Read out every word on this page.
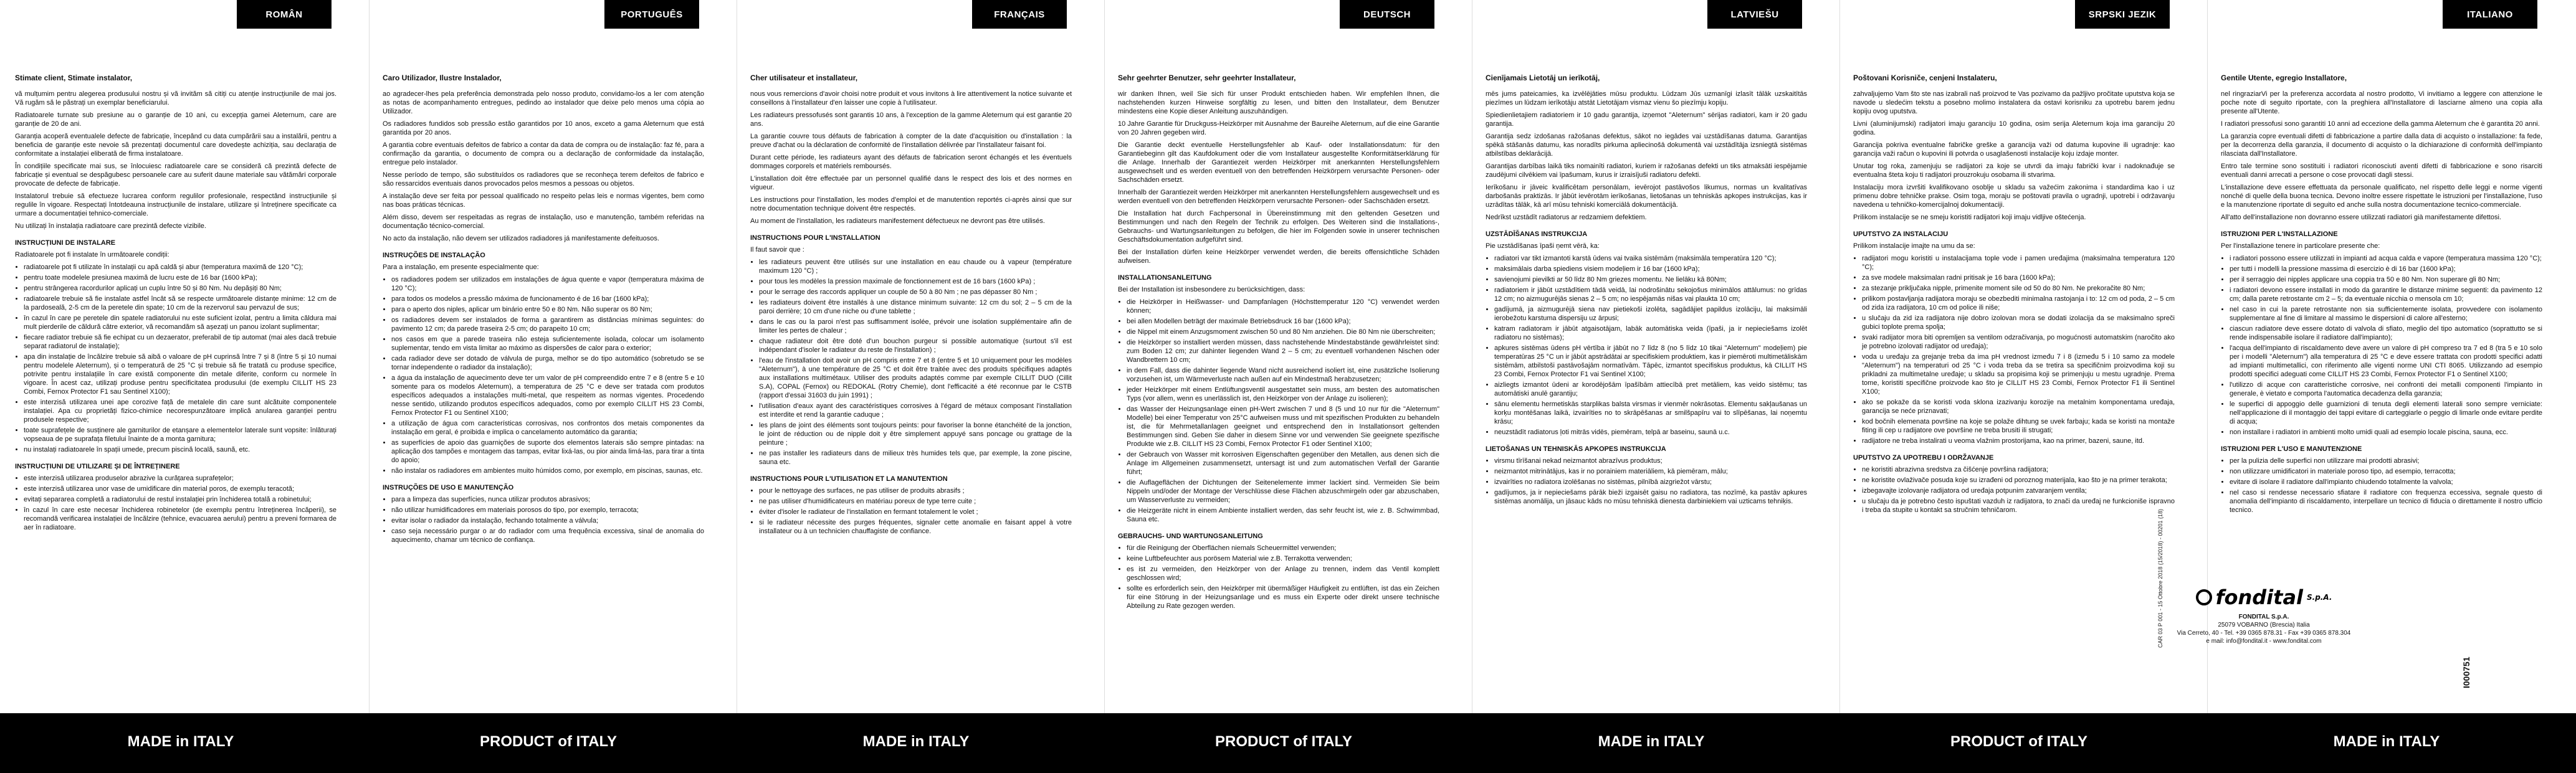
ROMÂN
Stimate client, Stimate instalator,

vă mulțumim pentru alegerea produsului nostru și vă invităm să citiți cu atenție instrucțiunile de mai jos. Vă rugăm să le păstrați un exemplar beneficiarului.

Radiatoarele turnate sub presiune au o garanție de 10 ani, cu excepția gamei Aleternum, care are garanție de 20 de ani.

Garanția acoperă eventualele defecte de fabricație, începând cu data cumpărării sau a instalării, pentru a beneficia de garanție este nevoie să prezentați documentul care dovedește achiziția, sau declarația de conformitate a instalației eliberată de firma instalatoare.

În condițiile specificate mai sus, se înlocuiesc radiatoarele care se consideră că prezintă defecte de fabricație și eventual se despăgubesc persoanele care au suferit daune materiale sau vătămări corporale provocate de defecte de fabricație.

Instalatorul trebuie să efectueze lucrarea conform regulilor profesionale, respectând instrucțiunile și regulile în vigoare. Respectați întotdeauna instrucțiunile de instalare, utilizare și întreținere specificate ca urmare a documentației tehnico-comerciale.

Nu utilizați în instalația radiatoare care prezintă defecte vizibile.

INSTRUCȚIUNI DE INSTALARE

Radiatoarele pot fi instalate în următoarele condiții:

• radiatoarele pot fi utilizate în instalații cu apă caldă și abur (temperatura maximă de 120 °C);
• pentru toate modelele presiunea maximă de lucru este de 16 bar (1600 kPa);
• pentru strângerea racordurilor aplicați un cuplu între 50 și 80 Nm. Nu depășiți 80 Nm;
• radiatoarele trebuie să fie instalate astfel încât să se respecte următoarele distanțe minime: 12 cm de la pardoseală, 2-5 cm de la peretele din spate; 10 cm de la rezervorul sau pervazul de sus;
• în cazul în care pe peretele din spatele radiatorului nu este suficient izolat, pentru a limita căldura mai mult pierderile de căldură către exterior, vă recomandăm să așezați un panou izolant suplimentar;
• fiecare radiator trebuie să fie echipat cu un dezaerator, preferabil de tip automat (mai ales dacă trebuie separat radiatorul de instalație);
• apa din instalație de încălzire trebuie să aibă o valoare de pH cuprinsă între 7 și 8 (între 5 și 10 numai pentru modelele Aleternum), și o temperatură de 25 °C și trebuie să fie tratată cu produse specifice, potrivite pentru instalațiile în care există componente din metale diferite, conform cu normele în vigoare. În acest caz, utilizați produse pentru specificitatea produsului (de exemplu CILLIT HS 23 Combi, Fernox Protector F1 sau Sentinel X100);
• este interzisă utilizarea unei ape corozive față de metalele din care sunt alcătuite componentele instalației. Apa cu proprietăți fizico-chimice necorespunzătoare implică anularea garanției pentru produsele respective;
• toate suprafețele de susținere ale garniturilor de etanșare a elementelor laterale sunt vopsite: înlăturați vopseaua de pe suprafața filetului înainte de a monta garnitura;
• nu instalați radiatoarele în spații umede, precum piscină locală, saună, etc.
INSTRUCȚIUNI DE UTILIZARE ȘI DE ÎNTREȚINERE
• este interzisă utilizarea produselor abrazive la curățarea suprafețelor;
• este interzisă utilizarea unor vase de umidificare din material poros, de exemplu teracotă;
• evitați separarea completă a radiatorului de restul instalației prin închiderea totală a robinetului;
• în cazul în care este necesar închiderea robinetelor (de exemplu pentru întreținerea încăperii), se recomandă verificarea instalației de încălzire (tehnice, evacuarea aerului) pentru a preveni formarea de aer în radiatoare.
PORTUGUÊS
Caro Utilizador, Ilustre Instalador,

ao agradecer-lhes pela preferência demonstrada pelo nosso produto, convidamo-los a ler com atenção as notas de acompanhamento entregues, pedindo ao instalador que deixe pelo menos uma cópia ao Utilizador.

Os radiadores fundidos sob pressão estão garantidos por 10 anos, exceto a gama Aleternum que está garantida por 20 anos.

A garantia cobre eventuais defeitos de fabrico a contar da data de compra ou de instalação: faz fé, para a confirmação da garantia, o documento de compra ou a declaração de conformidade da instalação, entregue pelo instalador.

Nesse período de tempo, são substituídos os radiadores que se reconheça terem defeitos de fabrico e são ressarcidos eventuais danos provocados pelos mesmos a pessoas ou objetos.

A instalação deve ser feita por pessoal qualificado no respeito pelas leis e normas vigentes, bem como nas boas práticas técnicas.

Além disso, devem ser respeitadas as regras de instalação, uso e manutenção, também referidas na documentação técnico-comercial.

No acto da instalação, não devem ser utilizados radiadores já manifestamente defeituosos.

INSTRUÇÕES DE INSTALAÇÃO

Para a instalação, em presente especialmente que:

• os radiadores podem ser utilizados em instalações de água quente e vapor (temperatura máxima de 120 °C);
• para todos os modelos a pressão máxima de funcionamento é de 16 bar (1600 kPa);
• para o aperto dos niples, aplicar um binário entre 50 e 80 Nm. Não superar os 80 Nm;
• os radiadores devem ser instalados de forma a garantirem as distâncias mínimas seguintes: do pavimento 12 cm; da parede traseira 2-5 cm; do parapeito 10 cm;
• nos casos em que a parede traseira não esteja suficientemente isolada, colocar um isolamento suplementar, tendo em vista limitar ao máximo as dispersões de calor para o exterior;
• cada radiador deve ser dotado de válvula de purga, melhor se do tipo automático (sobretudo se se tornar independente o radiador da instalação);
• a água da instalação de aquecimento deve ter um valor de pH compreendido entre 7 e 8 (entre 5 e 10 somente para os modelos Aleternum), a temperatura de 25 °C e deve ser tratada com produtos específicos adequados a instalações multi-metal, que respeitem as normas vigentes. Procedendo nesse sentido, utilizando produtos específicos adequados, como por exemplo CILLIT HS 23 Combi, Fernox Protector F1 ou Sentinel X100;
• a utilização de água com características corrosivas, nos confrontos dos metais componentes da instalação em geral, é proibida e implica o cancelamento automático da garantia;
• as superfícies de apoio das guarnições de suporte dos elementos laterais são sempre pintadas: na aplicação dos tampões e montagem das tampas, evitar lixá-las, ou pior ainda limá-las, para tirar a tinta do apoio;
• não instalar os radiadores em ambientes muito húmidos como, por exemplo, em piscinas, saunas, etc.
INSTRUÇÕES DE USO E MANUTENÇÃO
• para a limpeza das superfícies, nunca utilizar produtos abrasivos;
• não utilizar humidificadores em materiais porosos do tipo, por exemplo, terracota;
• evitar isolar o radiador da instalação, fechando totalmente a válvula;
• caso seja necessário purgar o ar do radiador com uma frequência excessiva, sinal de anomalia do aquecimento, chamar um técnico de confiança.
FRANÇAIS
Cher utilisateur et installateur,

nous vous remercions d'avoir choisi notre produit et vous invitons à lire attentivement la notice suivante et conseillons à l'installateur d'en laisser une copie à l'utilisateur.

Les radiateurs pressofusés sont garantis 10 ans, à l'exception de la gamme Aleternum qui est garantie 20 ans.

La garantie couvre tous défauts de fabrication à compter de la date d'acquisition ou d'installation : la preuve d'achat ou la déclaration de conformité de l'installation délivrée par l'installateur faisant foi.

Durant cette période, les radiateurs ayant des défauts de fabrication seront échangés et les éventuels dommages corporels et matériels remboursés.

L'installation doit être effectuée par un personnel qualifié dans le respect des lois et des normes en vigueur.

Les instructions pour l'installation, les modes d'emploi et de manutention reportés ci-après ainsi que sur notre documentation technique doivent être respectés.

Au moment de l'installation, les radiateurs manifestement défectueux ne devront pas être utilisés.

INSTRUCTIONS POUR L'INSTALLATION

Il faut savoir que :

• les radiateurs peuvent être utilisés sur une installation en eau chaude ou à vapeur (température maximum 120 °C) ;
• pour tous les modèles la pression maximale de fonctionnement est de 16 bars (1600 kPa) ;
• pour le serrage des raccords appliquer un couple de 50 à 80 Nm ; ne pas dépasser 80 Nm ;
• les radiateurs doivent être installés à une distance minimum suivante: 12 cm du sol; 2 – 5 cm de la paroi derrière; 10 cm d'une niche ou d'une tablette ;
• dans le cas ou la paroi n'est pas suffisamment isolée, prévoir une isolation supplémentaire afin de limiter les pertes de chaleur ;
• chaque radiateur doit être doté d'un bouchon purgeur si possible automatique (surtout s'il est indépendant d'isoler le radiateur du reste de l'installation) ;
• l'eau de l'installation doit avoir un pH compris entre 7 et 8 (entre 5 et 10 uniquement pour les modèles "Aleternum"), à une température de 25 °C et doit être traitée avec des produits spécifiques adaptés aux installations multimétaux. Utiliser des produits adaptés comme par exemple CILLIT DUO (Cillit S.A), COPAL (Fernox) ou REDOKAL (Rotry Chemie), dont l'efficacité a été reconnue par le CSTB (rapport d'essai 31603 du juin 1991) ;
• l'utilisation d'eaux ayant des caractéristiques corrosives à l'égard de métaux composant l'installation est interdite et rend la garantie caduque ;
• les plans de joint des éléments sont toujours peints: pour favoriser la bonne étanchéité de la jonction, le joint de réduction ou de nipple doit y être simplement appuyé sans poncage ou grattage de la peinture ;
• ne pas installer les radiateurs dans de milieux très humides tels que, par exemple, la zone piscine, sauna etc.
INSTRUCTIONS POUR L'UTILISATION ET LA MANUTENTION
• pour le nettoyage des surfaces, ne pas utiliser de produits abrasifs ;
• ne pas utiliser d'humidificateurs en matériau poreux de type terre cuite ;
• éviter d'isoler le radiateur de l'installation en fermant totalement le volet ;
• si le radiateur nécessite des purges fréquentes, signaler cette anomalie en faisant appel à votre installateur ou à un technicien chauffagiste de confiance.
DEUTSCH
Sehr geehrter Benutzer, sehr geehrter Installateur,

wir danken Ihnen, weil Sie sich für unser Produkt entschieden haben. Wir empfehlen Ihnen, die nachstehenden kurzen Hinweise sorgfältig zu lesen, und bitten den Installateur, dem Benutzer mindestens eine Kopie dieser Anleitung auszuhändigen.

10 Jahre Garantie für Druckguss-Heizkörper mit Ausnahme der Baureihe Aleternum, auf die eine Garantie von 20 Jahren gegeben wird.

Die Garantie deckt eventuelle Herstellungsfehler ab Kauf- oder Installationsdatum: für den Garantiebeginn gilt das Kaufdokument oder die vom Installateur ausgestellte Konformitätserklärung für die Anlage. Innerhalb der Garantiezeit werden Heizkörper mit anerkannten Herstellungsfehlern ausgewechselt und es werden eventuell von den betreffenden Heizkörpern verursachte Personen- oder Sachschäden ersetzt.

Innerhalb der Garantiezeit werden Heizkörper mit anerkannten Herstellungsfehlern ausgewechselt und es werden eventuell von den betreffenden Heizkörpern verursachte Personen- oder Sachschäden ersetzt.

Die Installation hat durch Fachpersonal in Übereinstimmung mit den geltenden Gesetzen und Bestimmungen und nach den Regeln der Technik zu erfolgen. Des Weiteren sind die Installations-, Gebrauchs- und Wartungsanleitungen zu befolgen, die hier im Folgenden sowie in unserer technischen Geschäftsdokumentation aufgeführt sind.

Bei der Installation dürfen keine Heizkörper verwendet werden, die bereits offensichtliche Schäden aufweisen.

INSTALLATIONSANLEITUNG

Bei der Installation ist insbesondere zu berücksichtigen, dass:

• die Heizkörper in Heißwasser- und Dampfanlagen (Höchsttemperatur 120 °C) verwendet werden können;
• bei allen Modellen beträgt der maximale Betriebsdruck 16 bar (1600 kPa);
• die Nippel mit einem Anzugsmoment zwischen 50 und 80 Nm anziehen. Die 80 Nm nie überschreiten;
• die Heizkörper so installiert werden müssen, dass nachstehende Mindestabstände gewährleistet sind: zum Boden 12 cm; zur dahinter liegenden Wand 2 – 5 cm; zu eventuell vorhandenen Nischen oder Wandbrettern 10 cm;
• in dem Fall, dass die dahinter liegende Wand nicht ausreichend isoliert ist, eine zusätzliche Isolierung vorzusehen ist, um Wärmeverluste nach außen auf ein Mindestmaß herabzusetzen;
• jeder Heizkörper mit einem Entlüftungsventil ausgestattet sein muss, am besten des automatischen Typs (vor allem, wenn es unerlässlich ist, den Heizkörper von der Anlage zu isolieren);
• das Wasser der Heizungsanlage einen pH-Wert zwischen 7 und 8 (5 und 10 nur für die "Aleternum" Modelle) bei einer Temperatur von 25°C aufweisen muss und mit spezifischen Produkten zu behandeln ist, die für Mehrmetallanlagen geeignet und entsprechend den in Installationsort geltenden Bestimmungen sind. Geben Sie daher in diesem Sinne vor und verwenden Sie geeignete spezifische Produkte wie z.B. CILLIT HS 23 Combi, Fernox Protector F1 oder Sentinel X100;
• der Gebrauch von Wasser mit korrosiven Eigenschaften gegenüber den Metallen, aus denen sich die Anlage im Allgemeinen zusammensetzt, untersagt ist und zum automatischen Verfall der Garantie führt;
• die Auflageflächen der Dichtungen der Seitenelemente immer lackiert sind. Vermeiden Sie beim Nippeln und/oder der Montage der Verschlüsse diese Flächen abzuschmirgeln oder gar abzuschaben, um Wasserverluste zu vermeiden;
• die Heizgeräte nicht in einem Ambiente installiert werden, das sehr feucht ist, wie z. B. Schwimmbad, Sauna etc.
GEBRAUCHS- UND WARTUNGSANLEITUNG
• für die Reinigung der Oberflächen niemals Scheuermittel verwenden;
• keine Luftbefeuchter aus porösem Material wie z.B. Terrakotta verwenden;
• es ist zu vermeiden, den Heizkörper von der Anlage zu trennen, indem das Ventil komplett geschlossen wird;
• sollte es erforderlich sein, den Heizkörper mit übermäßiger Häufigkeit zu entlüften, ist das ein Zeichen für eine Störung in der Heizungsanlage und es muss ein Experte oder direkt unsere technische Abteilung zu Rate gezogen werden.
LATVIEŠU
Cienījamais Lietotāj un ierīkotāj,

mēs jums pateicamies, ka izvēlējāties mūsu produktu. Lūdzam Jūs uzmanīgi izlasīt tālāk uzskaitītās piezīmes un lūdzam ierīkotāju atstāt Lietotājam vismaz vienu šo piezīmju kopiju.

Spiedienlietajiem radiatoriem ir 10 gadu garantija, izņemot "Aleternum" sērijas radiatori, kam ir 20 gadu garantija.

Garantija sedz izdošanas ražošanas defektus, sākot no iegādes vai uzstādīšanas datuma. Garantijas spēkā stāšanās datumu, kas noradīts pirkuma apliecinošā dokumentā vai uzstādītāja izsniegtā sistēmas atbilstības deklarācijā.

Garantijas darbības laikā tiks nomainīti radiatori, kuriem ir ražošanas defekti un tiks atmaksāti iespējamie zaudējumi cilvēkiem vai īpašumam, kurus ir izraisījuši radiatoru defekti.

Ierīkošanu ir jāveic kvalificētam personālam, ievērojot pastāvošos likumus, normas un kvalitatīvas darbošanās praktizās. Ir jābūt ievērotām ierīkošanas, lietošanas un tehniskās apkopes instrukcijas, kas ir uzrādītas tālāk, kā arī mūsu tehniski komerciālā dokumentācijā.

Nedrīkst uzstādīt radiatorus ar redzamiem defektiem.

UZSTĀDĪŠANAS INSTRUKCIJA

Pie uzstādīšanas īpaši ņemt vērā, ka:

• radiatori var tikt izmantoti karstā ūdens vai tvaika sistēmām (maksimāla temperatūra 120 °C);
• maksimālais darba spiediens visiem modeļiem ir 16 bar (1600 kPa);
• savienojumi pievilkti ar 50 līdz 80 Nm griezes momentu. Ne lielāku kā 80Nm;
• radiatoriem ir jābūt uzstādītiem tādā veidā, lai nodrošinātu sekojošus minimālos attālumus: no grīdas 12 cm; no aizmugurējās sienas 2 – 5 cm; no iespējamās nišas vai plaukta 10 cm;
• gadījumā, ja aizmugurējā siena nav pietiekoši izolēta, sagādājiet papildus izolāciju, lai maksimāli ierobežotu karstuma dispersiju uz ārpusi;
• katram radiatoram ir jābūt atgaisotājam, labāk automātiska veida (īpaši, ja ir nepieciešams izolēt radiatoru no sistēmas);
• apkures sistēmas ūdens pH vērtība ir jābūt no 7 līdz 8 (no 5 līdz 10 tikai "Aleternum" modeļiem) pie temperatūras 25 °C un ir jābūt apstrādātai ar specifiskiem produktiem, kas ir piemēroti multimetāliskām sistēmām, atbilstoši pastāvošajām normatīvām. Tāpēc, izmantot specifiskus produktus, kā CILLIT HS 23 Combi, Fernox Protector F1 vai Sentinel X100;
• aizliegts izmantot ūdeni ar korodējošām īpašībām attiecībā pret metāliem, kas veido sistēmu; tas automātiski anulē garantiju;
• sānu elementu hermetiskās starplikas balsta virsmas ir vienmēr nokrāsotas. Elementu sakļaušanas un korķu montēšanas laikā, izvairīties no to skrāpēšanas ar smilšpapīru vai to slīpēšanas, lai noņemtu krāsu;
• neuzstādīt radiatorus ļoti mitrās vidēs, piemēram, telpā ar baseinu, saunā u.c.
LIETOŠANAS UN TEHNISKĀS APKOPES INSTRUKCIJA
• virsmu tīrīšanai nekad neizmantot abrazīvus produktus;
• neizmantot mitrinātājus, kas ir no porainiem materiāliem, kā piemēram, mālu;
• izvairīties no radiatora izolēšanas no sistēmas, pilnībā aizgriežot vārstu;
• gadījumos, ja ir nepieciešams pārāk bieži izgaisēt gaisu no radiatora, tas nozīmē, ka pastāv apkures sistēmas anomālija, un jāsauc kāds no mūsu tehniskā dienesta darbiniekiem vai uzticams tehniķis.
SRPSKI JEZIK
Poštovani Korisniče, cenjeni Instalateru,

zahvaljujemo Vam što ste nas izabrali naš proizvod te Vas pozivamo da pažljivo pročitate uputstva koja se navode u sledećim tekstu a posebno molimo instalatera da ostavi korisniku za upotrebu barem jednu kopiju ovog uputstva.

Livni (aluminijumski) radijatori imaju garanciju 10 godina, osim serija Aleternum koja ima garanciju 20 godina.

Garancija pokriva eventualne fabričke greške a garancija važi od datuma kupovine ili ugradnje: kao garancija važi račun o kupovini ili potvrda o usaglašenosti instalacije koju izdaje monter.

Unutar tog roka, zamenjuju se radijatori za koje se utvrdi da imaju fabrički kvar i nadoknađuje se eventualna šteta koju ti radijatori prouzrokuju osobama ili stvarima.

Instalaciju mora izvršiti kvalifikovano osoblje u skladu sa važećim zakonima i standardima kao i uz primenu dobre tehničke prakse. Osim toga, moraju se poštovati pravila o ugradnji, upotrebi i održavanju navedena u tehničko-komercijalnoj dokumentaciji.

Prilikom instalacije se ne smeju koristiti radijatori koji imaju vidljive oštećenja.

UPUTSTVO ZA INSTALACIJU

Prilikom instalacije imajte na umu da se:

• radijatori mogu koristiti u instalacijama tople vode i pamen uređajima (maksimalna temperatura 120 °C);
• za sve modele maksimalan radni pritisak je 16 bara (1600 kPa);
• za stezanje priključaka nipple, primenite moment sile od 50 do 80 Nm. Ne prekoračite 80 Nm;
• prilikom postavljanja radijatora moraju se obezbediti minimalna rastojanja i to: 12 cm od poda, 2 – 5 cm od zida iza radijatora, 10 cm od police ili niše;
• u slučaju da zid iza radijatora nije dobro izolovan mora se dodati izolacija da se maksimalno spreči gubici toplote prema spolja;
• svaki radijator mora biti opremljen sa ventilom odzračivanja, po mogućnosti automatskim (naročito ako je potrebno izolovati radijator od uređaja);
• voda u uređaju za grejanje treba da ima pH vrednost između 7 i 8 (između 5 i 10 samo za modele "Aleternum") na temperaturi od 25 °C i voda treba da se tretira sa specifičnim proizvodima koji su prikladni za multimetalne uređaje; u skladu sa propisima koji se primenjuju u mestu ugradnje. Prema tome, koristiti specifične proizvode kao što je CILLIT HS 23 Combi, Fernox Protector F1 ili Sentinel X100;
• ako se pokaže da se koristi voda sklona izazivanju korozije na metalnim komponentama uređaja, garancija se neće priznavati;
• kod bočnih elemenata površine na koje se polaže dihtung se uvek farbaju; kada se koristi na montaže fiting ili cep u radijatore ove površine ne treba brusiti ili strugati;
• radijatore ne treba instalirati u veoma vlažnim prostorijama, kao na primer, bazeni, saune, itd.
UPUTSTVO ZA UPOTREBU I ODRŽAVANJE
• ne koristiti abrazivna sredstva za čišćenje površina radijatora;
• ne koristite ovlaživače posuda koje su izrađeni od poroznog materijala, kao što je na primer terakota;
• izbegavajte izolovanje radijatora od uređaja potpunim zatvaranjem ventila;
• u slučaju da je potrebno često ispuštati vazduh iz radijatora, to znači da uređaj ne funkcioniše ispravno i treba da stupite u kontakt sa stručnim tehničarom.
ITALIANO
Gentile Utente, egregio Installatore,

nel ringraziarVi per la preferenza accordata al nostro prodotto, Vi invitiamo a leggere con attenzione le poche note di seguito riportate, con la preghiera all'Installatore di lasciarne almeno una copia alla presente all'Utente.

I radiatori pressofusi sono garantiti 10 anni ad eccezione della gamma Aleternum che è garantita 20 anni.

La garanzia copre eventuali difetti di fabbricazione a partire dalla data di acquisto o installazione: fa fede, per la decorrenza della garanzia, il documento di acquisto o la dichiarazione di conformità dell'impianto rilasciata dall'Installatore.

Entro tale termine sono sostituiti i radiatori riconosciuti aventi difetti di fabbricazione e sono risarciti eventuali danni arrecati a persone o cose provocati dagli stessi.

L'installazione deve essere effettuata da personale qualificato, nel rispetto delle leggi e norme vigenti nonché di quelle della buona tecnica. Devono inoltre essere rispettate le istruzioni per l'installazione, l'uso e la manutenzione riportate di seguito ed anche sulla nostra documentazione tecnico-commerciale.

All'atto dell'installazione non dovranno essere utilizzati radiatori già manifestamente difettosi.

ISTRUZIONI PER L'INSTALLAZIONE

Per l'installazione tenere in particolare presente che:

• i radiatori possono essere utilizzati in impianti ad acqua calda e vapore (temperatura massima 120 °C);
• per tutti i modelli la pressione massima di esercizio è di 16 bar (1600 kPa);
• per il serraggio dei nipples applicare una coppia tra 50 e 80 Nm. Non superare gli 80 Nm;
• i radiatori devono essere installati in modo da garantire le distanze minime seguenti: da pavimento 12 cm; dalla parete retrostante cm 2 – 5; da eventuale nicchia o mensola cm 10;
• nel caso in cui la parete retrostante non sia sufficientemente isolata, provvedere con isolamento supplementare al fine di limitare al massimo le dispersioni di calore all'esterno;
• ciascun radiatore deve essere dotato di valvola di sfiato, meglio del tipo automatico (soprattutto se si rende indispensabile isolare il radiatore dall'impianto);
• l'acqua dell'impianto di riscaldamento deve avere un valore di pH compreso tra 7 ed 8 (tra 5 e 10 solo per i modelli "Aleternum") alla temperatura di 25 °C e deve essere trattata con prodotti specifici adatti ad impianti multimetallici, con riferimento alle vigenti norme UNI CTI 8065. Utilizzando ad esempio prodotti specifici adeguati come CILLIT HS 23 Combi, Fernox Protector F1 o Sentinel X100;
• l'utilizzo di acque con caratteristiche corrosive, nei confronti dei metalli componenti l'impianto in generale, è vietato e comporta l'automatica decadenza della garanzia;
• le superfici di appoggio delle guarnizioni di tenuta degli elementi laterali sono sempre verniciate: nell'applicazione di il montaggio dei tappi evitare di carteggiarle o peggio di limarle onde evitare perdite di acqua;
• non installare i radiatori in ambienti molto umidi quali ad esempio locale piscina, sauna, ecc.
ISTRUZIONI PER L'USO E MANUTENZIONE
• per la pulizia delle superfici non utilizzare mai prodotti abrasivi;
• non utilizzare umidificatori in materiale poroso tipo, ad esempio, terracotta;
• evitare di isolare il radiatore dall'impianto chiudendo totalmente la valvola;
• nel caso si rendesse necessario sfiatare il radiatore con frequenza eccessiva, segnale questo di anomalia dell'impianto di riscaldamento, interpellare un tecnico di fiducia o direttamente il nostro ufficio tecnico.
fondital S.p.A.
FONDITAL S.p.A.
25079 VOBARNO (Brescia) Italia
Via Cerreto, 40 - Tel. +39 0365 878.31 - Fax +39 0365 878.304
e mail: info@fondital.it - www.fondital.com
CAR 03 P 001 - 15 Ottobre 2018 (15/2018) - 00201 (18)
I000751
MADE in ITALY	PRODUCT of ITALY	MADE in ITALY	PRODUCT of ITALY	MADE in ITALY	PRODUCT of ITALY	MADE in ITALY
